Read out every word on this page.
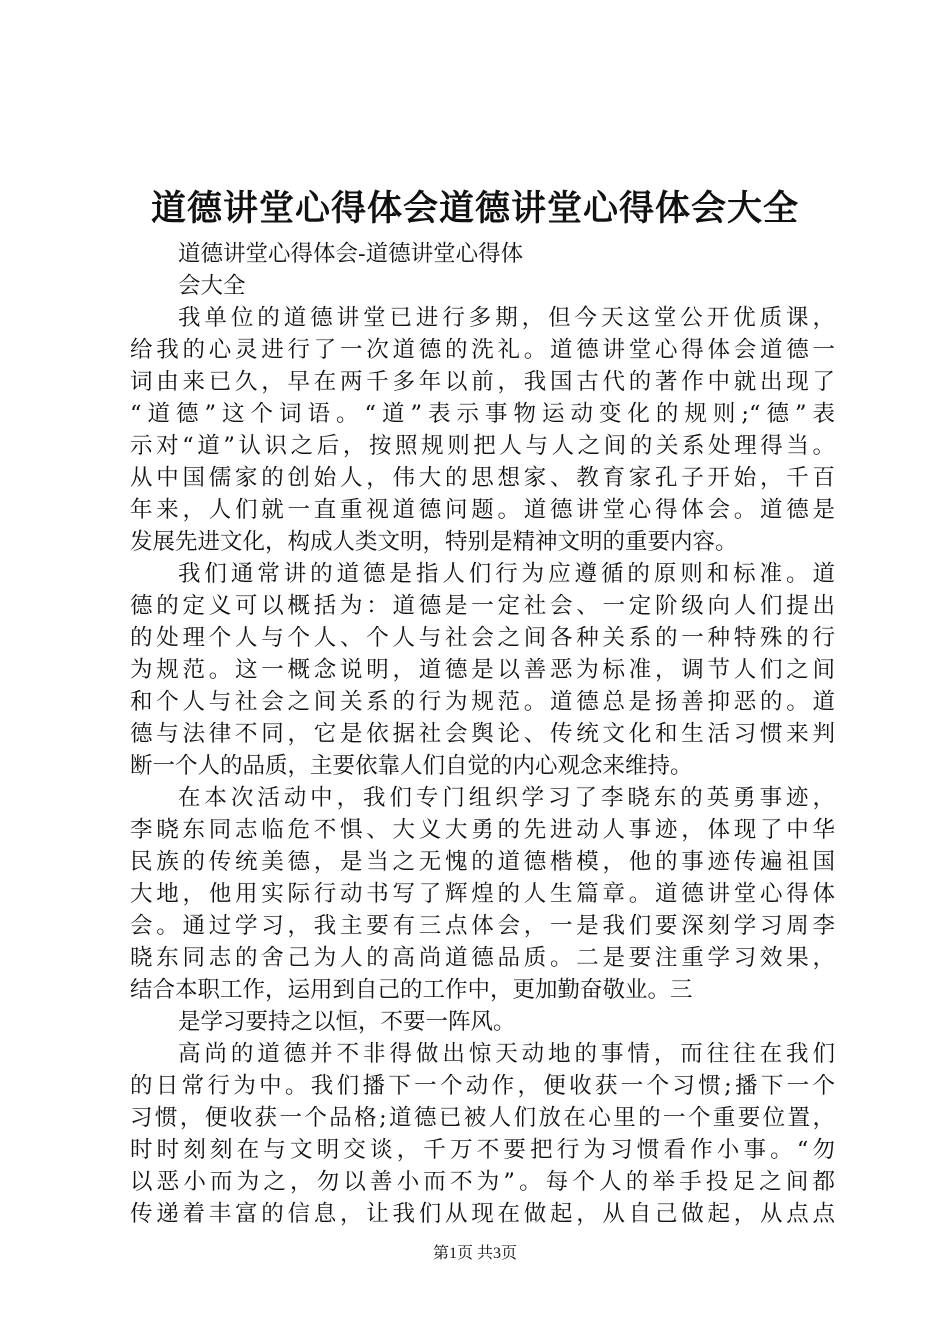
道德讲堂心得体会道德讲堂心得体会大全
道德讲堂心得体会-道德讲堂心得体
会大全
我单位的道德讲堂已进行多期，但今天这堂公开优质课，
给我的心灵进行了一次道德的洗礼。道德讲堂心得体会道德一
词由来已久，早在两千多年以前，我国古代的著作中就出现了
“道德”这个词语。“道”表示事物运动变化的规则;“德”表
示对“道”认识之后，按照规则把人与人之间的关系处理得当。
从中国儒家的创始人，伟大的思想家、教育家孔子开始，千百
年来，人们就一直重视道德问题。道德讲堂心得体会。道德是
发展先进文化，构成人类文明，特别是精神文明的重要内容。
我们通常讲的道德是指人们行为应遵循的原则和标准。道
德的定义可以概括为：道德是一定社会、一定阶级向人们提出
的处理个人与个人、个人与社会之间各种关系的一种特殊的行
为规范。这一概念说明，道德是以善恶为标准，调节人们之间
和个人与社会之间关系的行为规范。道德总是扬善抑恶的。道
德与法律不同，它是依据社会舆论、传统文化和生活习惯来判
断一个人的品质，主要依靠人们自觉的内心观念来维持。
在本次活动中，我们专门组织学习了李晓东的英勇事迹，
李晓东同志临危不惧、大义大勇的先进动人事迹，体现了中华
民族的传统美德，是当之无愧的道德楷模，他的事迹传遍祖国
大地，他用实际行动书写了辉煌的人生篇章。道德讲堂心得体
会。通过学习，我主要有三点体会，一是我们要深刻学习周李
晓东同志的舍己为人的高尚道德品质。二是要注重学习效果，
结合本职工作，运用到自己的工作中，更加勤奋敬业。三
是学习要持之以恒，不要一阵风。
高尚的道德并不非得做出惊天动地的事情，而往往在我们
的日常行为中。我们播下一个动作，便收获一个习惯;播下一个
习惯，便收获一个品格;道德已被人们放在心里的一个重要位置，
时时刻刻在与文明交谈，千万不要把行为习惯看作小事。“勿
以恶小而为之，勿以善小而不为”。每个人的举手投足之间都
传递着丰富的信息，让我们从现在做起，从自己做起，从点点
第1页 共3页
